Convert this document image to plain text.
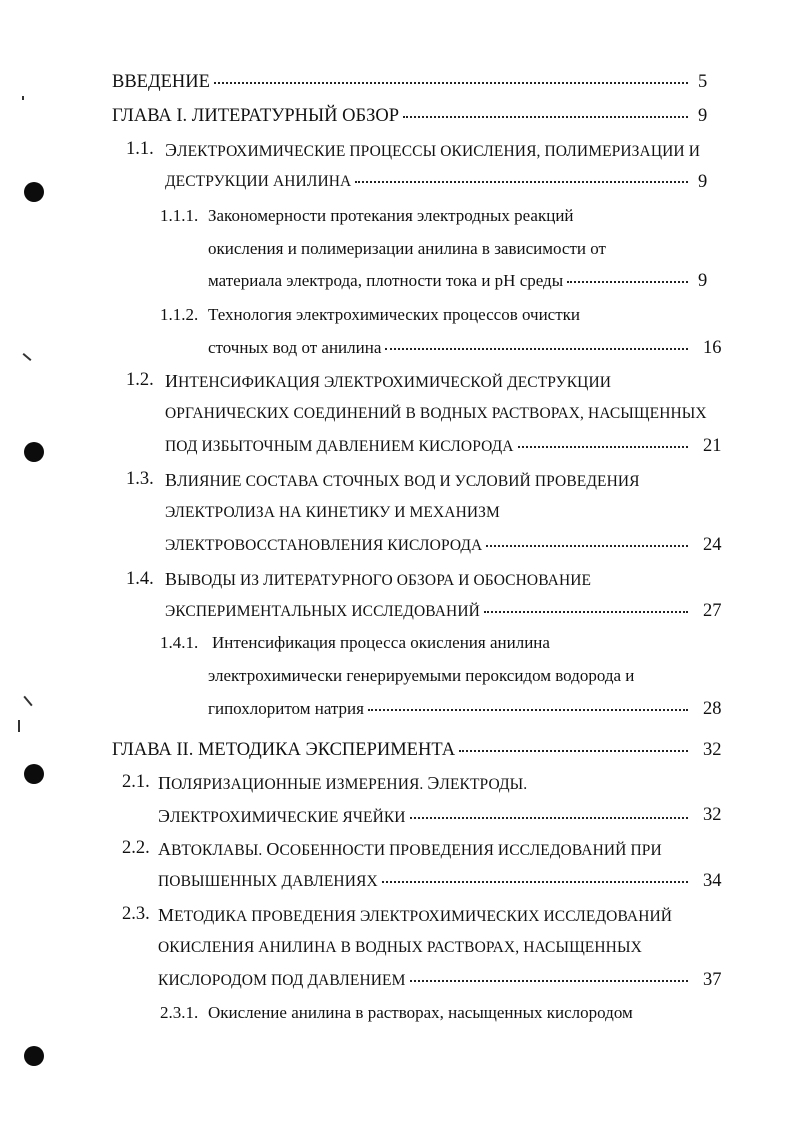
ВВЕДЕНИЕ	5
ГЛАВА I. ЛИТЕРАТУРНЫЙ ОБЗОР	9
1.1. ЭЛЕКТРОХИМИЧЕСКИЕ ПРОЦЕССЫ ОКИСЛЕНИЯ, ПОЛИМЕРИЗАЦИИ И
ДЕСТРУКЦИИ АНИЛИНА	9
1.1.1. Закономерности протекания электродных реакций
окисления и полимеризации анилина в зависимости от
материала электрода, плотности тока и pH среды	9
1.1.2. Технология электрохимических процессов очистки
сточных вод от анилина	16
1.2. ИНТЕНСИФИКАЦИЯ ЭЛЕКТРОХИМИЧЕСКОЙ ДЕСТРУКЦИИ
ОРГАНИЧЕСКИХ СОЕДИНЕНИЙ В ВОДНЫХ РАСТВОРАХ, НАСЫЩЕННЫХ
ПОД ИЗБЫТОЧНЫМ ДАВЛЕНИЕМ КИСЛОРОДА	21
1.3. ВЛИЯНИЕ СОСТАВА СТОЧНЫХ ВОД И УСЛОВИЙ ПРОВЕДЕНИЯ
ЭЛЕКТРОЛИЗА НА КИНЕТИКУ И МЕХАНИЗМ
ЭЛЕКТРОВОССТАНОВЛЕНИЯ КИСЛОРОДА	24
1.4. ВЫВОДЫ ИЗ ЛИТЕРАТУРНОГО ОБЗОРА И ОБОСНОВАНИЕ
ЭКСПЕРИМЕНТАЛЬНЫХ ИССЛЕДОВАНИЙ	27
1.4.1. Интенсификация процесса окисления анилина
электрохимически генерируемыми пероксидом водорода и
гипохлоритом натрия	28
ГЛАВА II. МЕТОДИКА ЭКСПЕРИМЕНТА	32
2.1. ПОЛЯРИЗАЦИОННЫЕ ИЗМЕРЕНИЯ. ЭЛЕКТРОДЫ.
ЭЛЕКТРОХИМИЧЕСКИЕ ЯЧЕЙКИ	32
2.2. АВТОКЛАВЫ. ОСОБЕННОСТИ ПРОВЕДЕНИЯ ИССЛЕДОВАНИЙ ПРИ
ПОВЫШЕННЫХ ДАВЛЕНИЯХ	34
2.3. МЕТОДИКА ПРОВЕДЕНИЯ ЭЛЕКТРОХИМИЧЕСКИХ ИССЛЕДОВАНИЙ
ОКИСЛЕНИЯ АНИЛИНА В ВОДНЫХ РАСТВОРАХ, НАСЫЩЕННЫХ
КИСЛОРОДОМ ПОД ДАВЛЕНИЕМ	37
2.3.1. Окисление анилина в растворах, насыщенных кислородом
